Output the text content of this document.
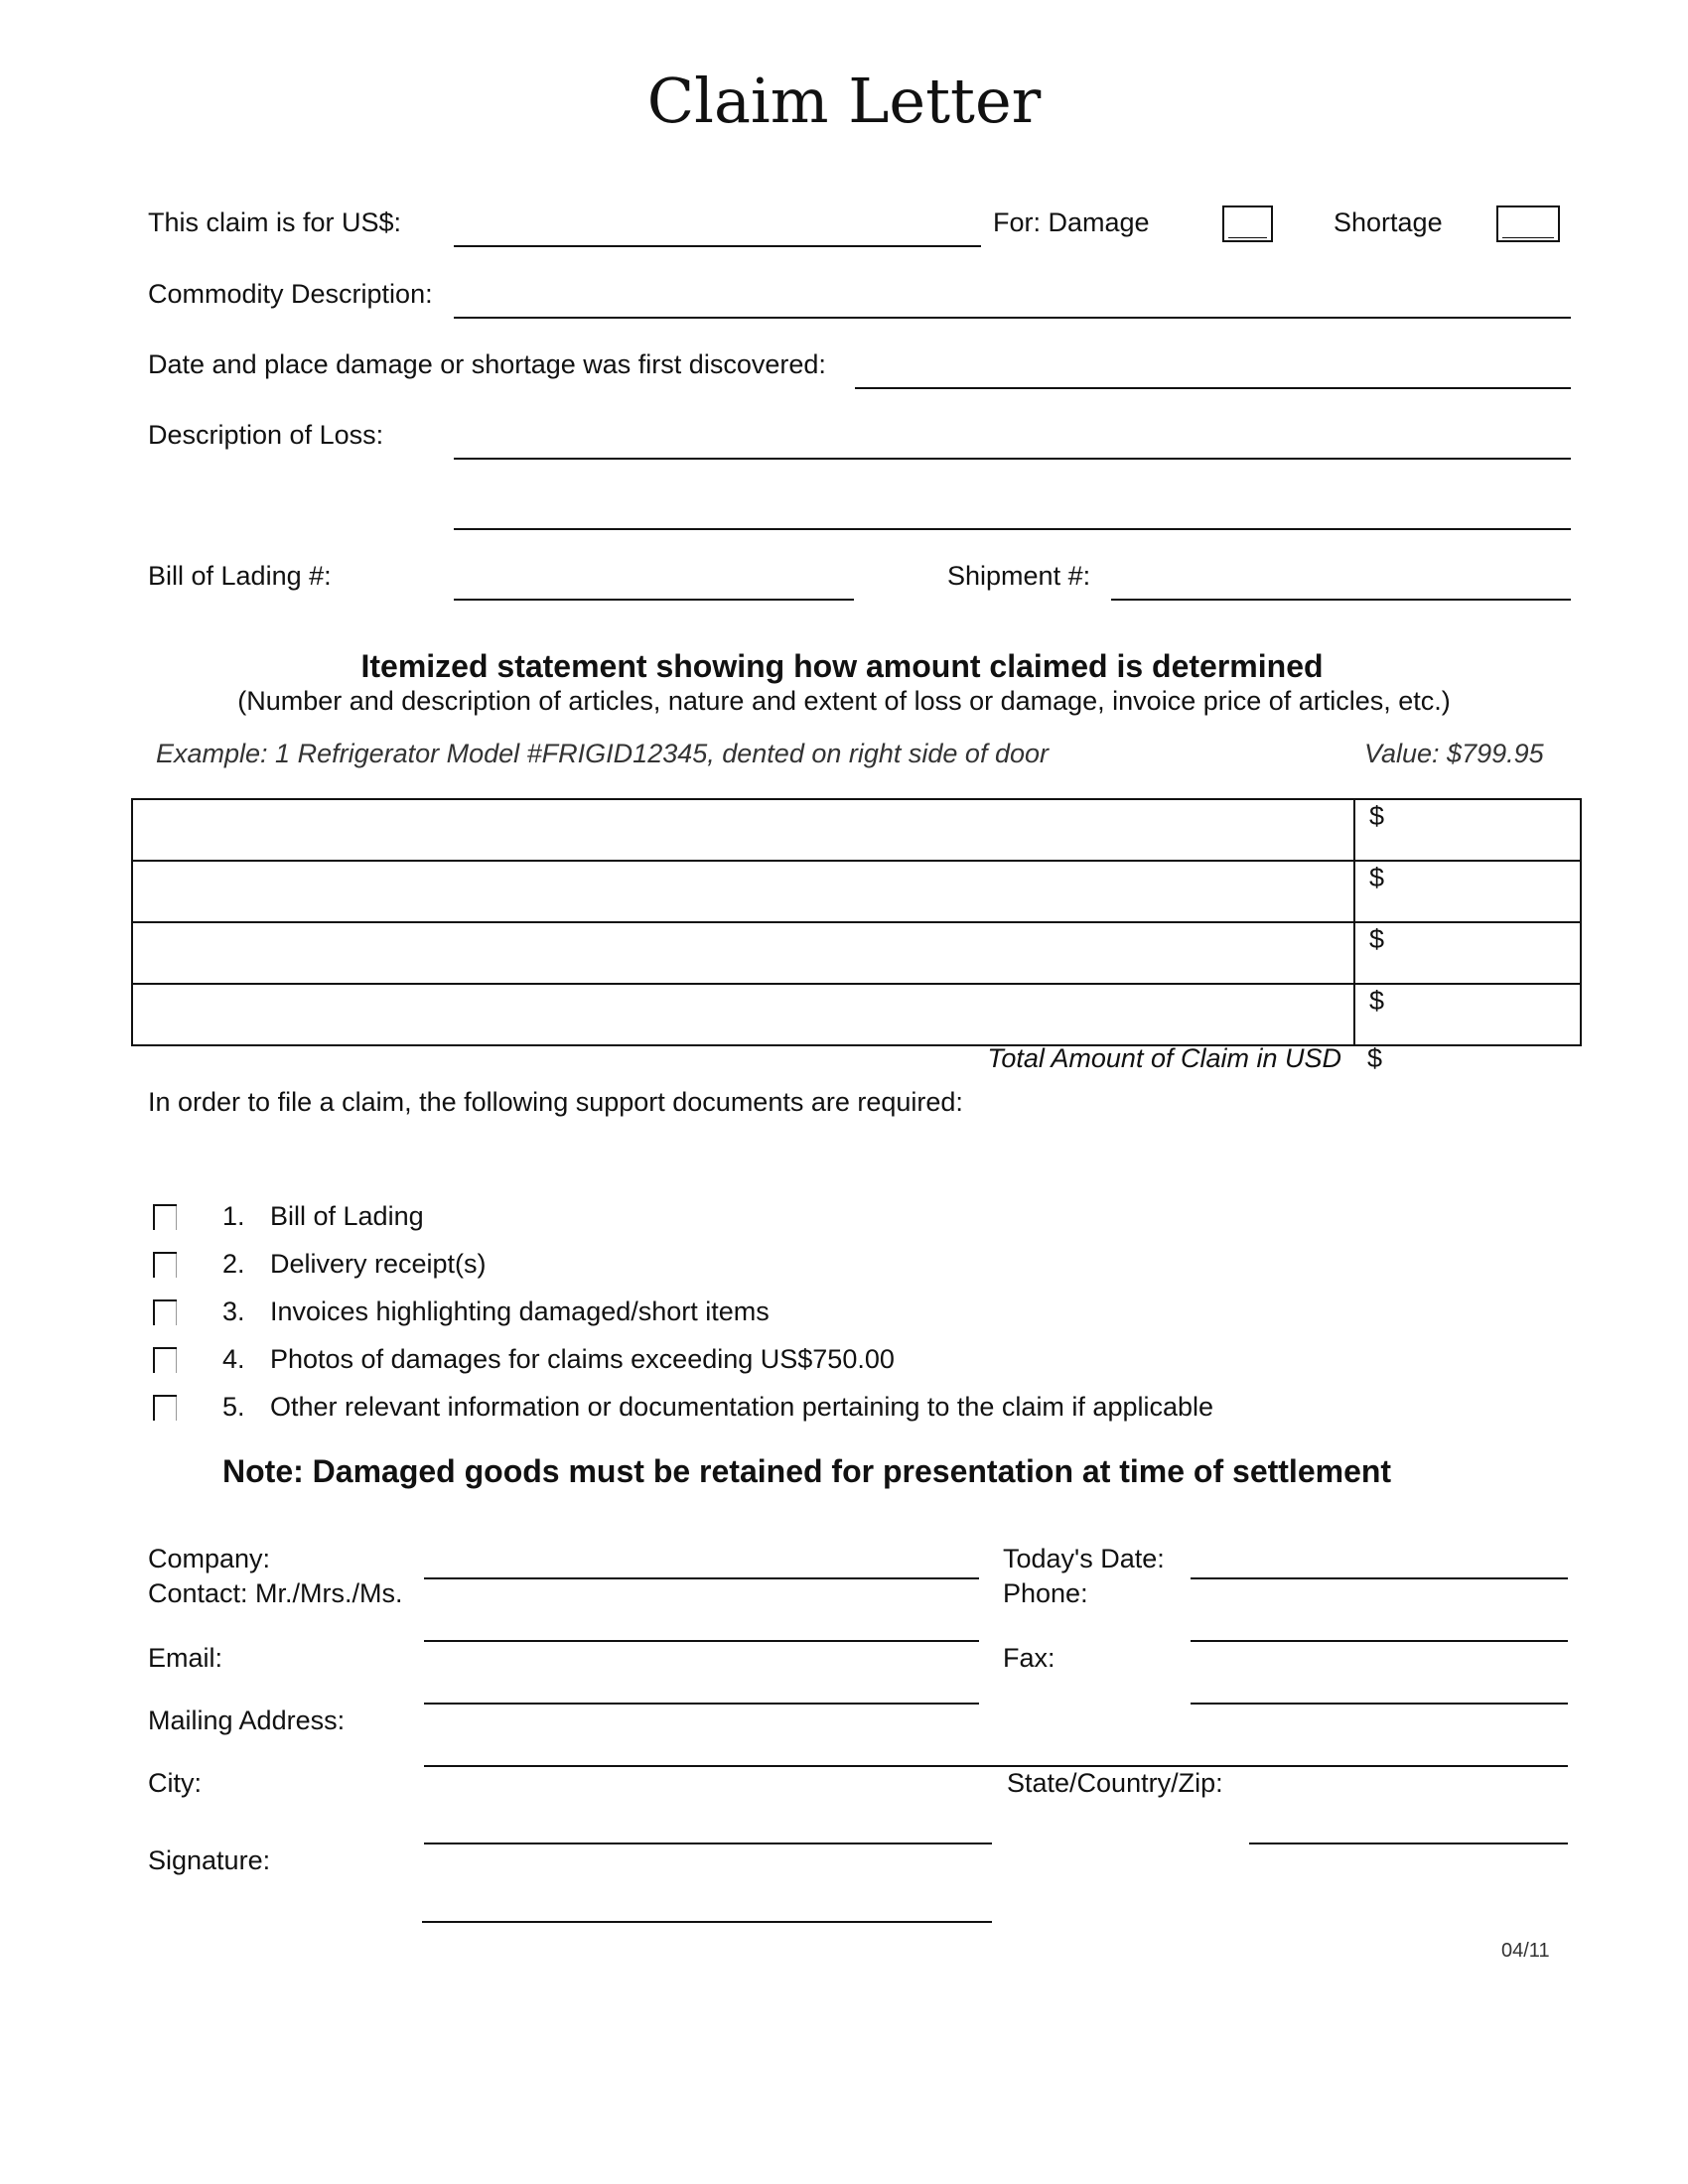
Claim Letter
This claim is for US$:	For: Damage	Shortage
Commodity Description:
Date and place damage or shortage was first discovered:
Description of Loss:
Bill of Lading #:	Shipment #:
Itemized statement showing how amount claimed is determined
(Number and description of articles, nature and extent of loss or damage, invoice price of articles, etc.)
Example: 1 Refrigerator Model #FRIGID12345, dented on right side of door	Value: $799.95
	$
	$
	$
	$
Total Amount of Claim in USD $
In order to file a claim, the following support documents are required:
1. Bill of Lading
2. Delivery receipt(s)
3. Invoices highlighting damaged/short items
4. Photos of damages for claims exceeding US$750.00
5. Other relevant information or documentation pertaining to the claim if applicable
Note: Damaged goods must be retained for presentation at time of settlement
Company:
Contact: Mr./Mrs./Ms.
Today's Date:
Phone:
Email:	Fax:
Mailing Address:
City:	State/Country/Zip:
Signature:
04/11
